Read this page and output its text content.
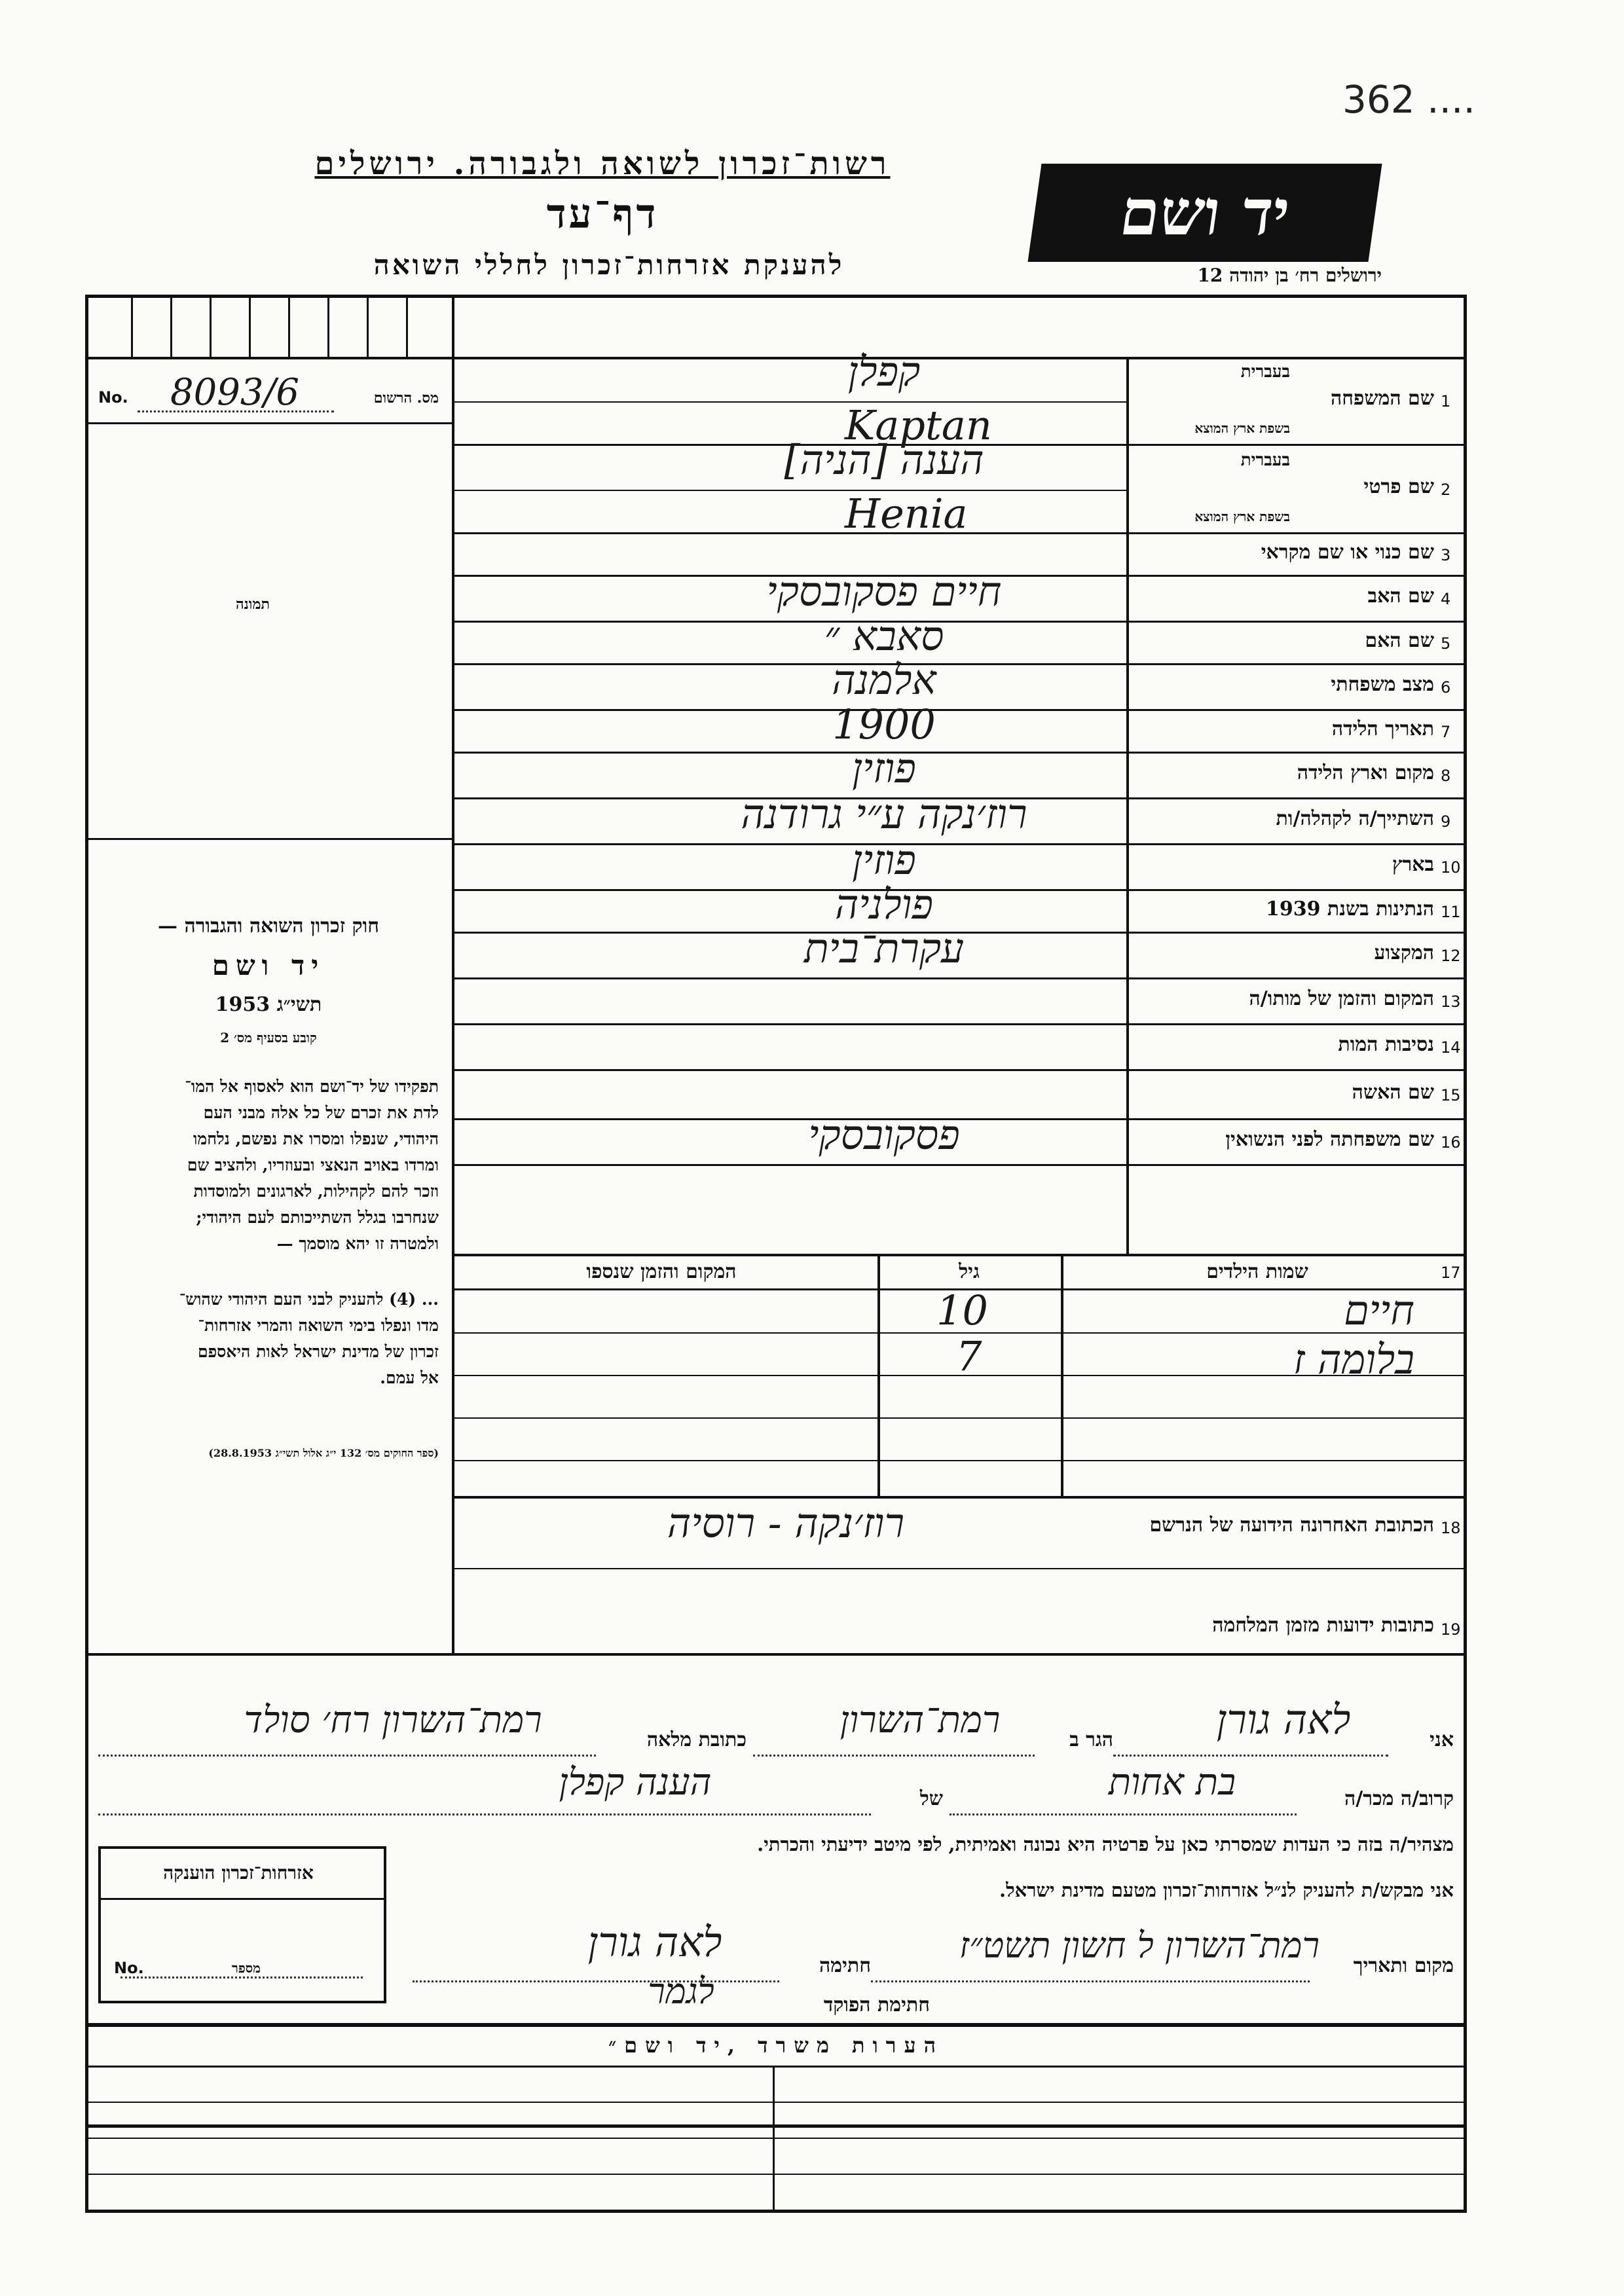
רשות־זכרון לשואה ולגבורה. ירושלים
דף־עד
להענקת אזרחות־זכרון לחללי השואה
יד ושם
ירושלים רח׳ בן יהודה 12
362 ....
No. 8093/6	מס. הרשום
תמונה
חוק זכרון השואה והגבורה —
יד ושם
תשי״ג 1953
קובע בסעיף מס׳ 2
תפקידו של יד־ושם הוא לאסוף אל המו־
לדת את זכרם של כל אלה מבני העם
היהודי, שנפלו ומסרו את נפשם, נלחמו
ומרדו באויב הנאצי ובעוזריו, ולהציב שם
וזכר להם לקהילות, לארגונים ולמוסדות
שנחרבו בגלל השתייכותם לעם היהודי;
ולמטרה זו יהא מוסמך —
... (4) להעניק לבני העם היהודי שהוש־
מדו ונפלו בימי השואה והמרי אזרחות־
זכרון של מדינת ישראל לאות היאספם
אל עמם.
(ספר החוקים מס׳ 132 י״ג אלול תשי״ג 28.8.1953)
1
שם המשפחה
בעברית
בשפת ארץ המוצא
קפלן
Kaptan
2
שם פרטי
בעברית
בשפת ארץ המוצא
הענה [הניה]
Henia
3
שם כנוי או שם מקראי
4
שם האב
חיים פסקובסקי
5
שם האם
סאבא ״
6
מצב משפחתי
אלמנה
7
תאריך הלידה
1900
8
מקום וארץ הלידה
פוזין
9
השתייך/ה לקהלה/ות
רוז׳נקה ע״י גרודנה
10
בארץ
פוזין
11
הנתינות בשנת 1939
פולניה
12
המקצוע
עקרת־בית
13
המקום והזמן של מותו/ה
14
נסיבות המות
15
שם האשה
16
שם משפחתה לפני הנשואין
פסקובסקי
17
שמות הילדים
גיל
המקום והזמן שנספו
חיים
10
בלומה ז
7
18
הכתובת האחרונה הידועה של הנרשם
רוז׳נקה - רוסיה
19
כתובות ידועות מזמן המלחמה
אני
לאה גורן
הגר ב
רמת־השרון
כתובת מלאה
רמת־השרון רח׳ סולד
קרוב/ה מכר/ה
בת אחות
של
הענה קפלן
מצהיר/ה בזה כי העדות שמסרתי כאן על פרטיה היא נכונה ואמיתית, לפי מיטב ידיעתי והכרתי.
אני מבקש/ת להעניק לנ״ל אזרחות־זכרון מטעם מדינת ישראל.
מקום ותאריך
רמת־השרון ל חשון תשט״ז
חתימה
לאה גורן
חתימת הפוקד
לגמר
אזרחות־זכרון הוענקה
No.	מספר
הערות משרד ,יד ושם״
